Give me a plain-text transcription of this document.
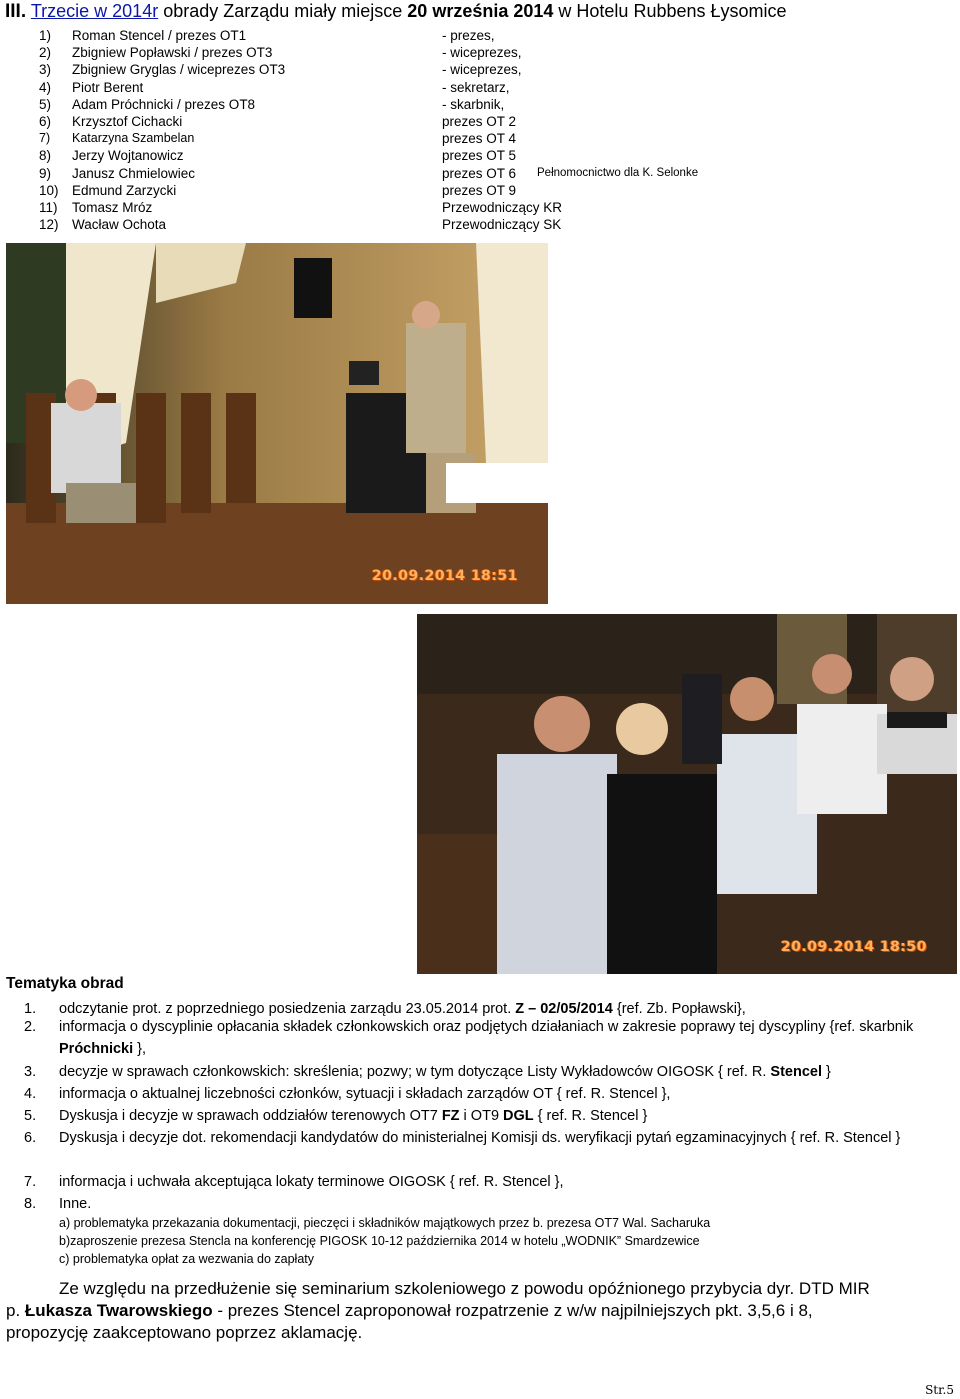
III. Trzecie w 2014r obrady Zarządu miały miejsce 20 września 2014 w Hotelu Rubbens Łysomice
1) Roman Stencel / prezes OT1	- prezes,
2) Zbigniew Popławski / prezes OT3	- wiceprezes,
3) Zbigniew Gryglas / wiceprezes OT3	- wiceprezes,
4) Piotr Berent	- sekretarz,
5) Adam Próchnicki / prezes OT8	- skarbnik,
6) Krzysztof Cichacki	prezes OT 2
7) Katarzyna Szambelan	prezes OT 4
8) Jerzy Wojtanowicz	prezes OT 5
9) Janusz Chmielowiec	prezes OT 6 Pełnomocnictwo dla K. Selonke
10) Edmund Zarzycki	prezes OT 9
11) Tomasz Mróz	Przewodniczący KR
12) Wacław Ochota	Przewodniczący SK
20.09.2014 18:51
20.09.2014 18:50
Tematyka obrad
1. odczytanie prot. z poprzedniego posiedzenia zarządu 23.05.2014 prot. Z – 02/05/2014 {ref. Zb. Popławski},
2. informacja o dyscyplinie opłacania składek członkowskich oraz podjętych działaniach w zakresie poprawy tej dyscypliny {ref. skarbnik Próchnicki },
3. decyzje w sprawach członkowskich: skreślenia; pozwy; w tym dotyczące Listy Wykładowców OIGOSK { ref. R. Stencel }
4. informacja o aktualnej liczebności członków, sytuacji i składach zarządów OT { ref. R. Stencel },
5. Dyskusja i decyzje w sprawach oddziałów terenowych OT7 FZ i OT9 DGL { ref. R. Stencel }
6. Dyskusja i decyzje dot. rekomendacji kandydatów do ministerialnej Komisji ds. weryfikacji pytań egzaminacyjnych { ref. R. Stencel }
7. informacja i uchwała akceptująca lokaty terminowe OIGOSK { ref. R. Stencel },
8. Inne.
a) problematyka przekazania dokumentacji, pieczęci i składników majątkowych przez b. prezesa OT7 Wal. Sacharuka
b)zaproszenie prezesa Stencla na konferencję PIGOSK 10-12 października 2014 w hotelu „WODNIK” Smardzewice
c) problematyka opłat za wezwania do zapłaty
Ze względu na przedłużenie się seminarium szkoleniowego z powodu opóźnionego przybycia dyr. DTD MIR
p. Łukasza Twarowskiego - prezes Stencel zaproponował rozpatrzenie z w/w najpilniejszych pkt. 3,5,6 i 8,
propozycję zaakceptowano poprzez aklamację.
Str.5
